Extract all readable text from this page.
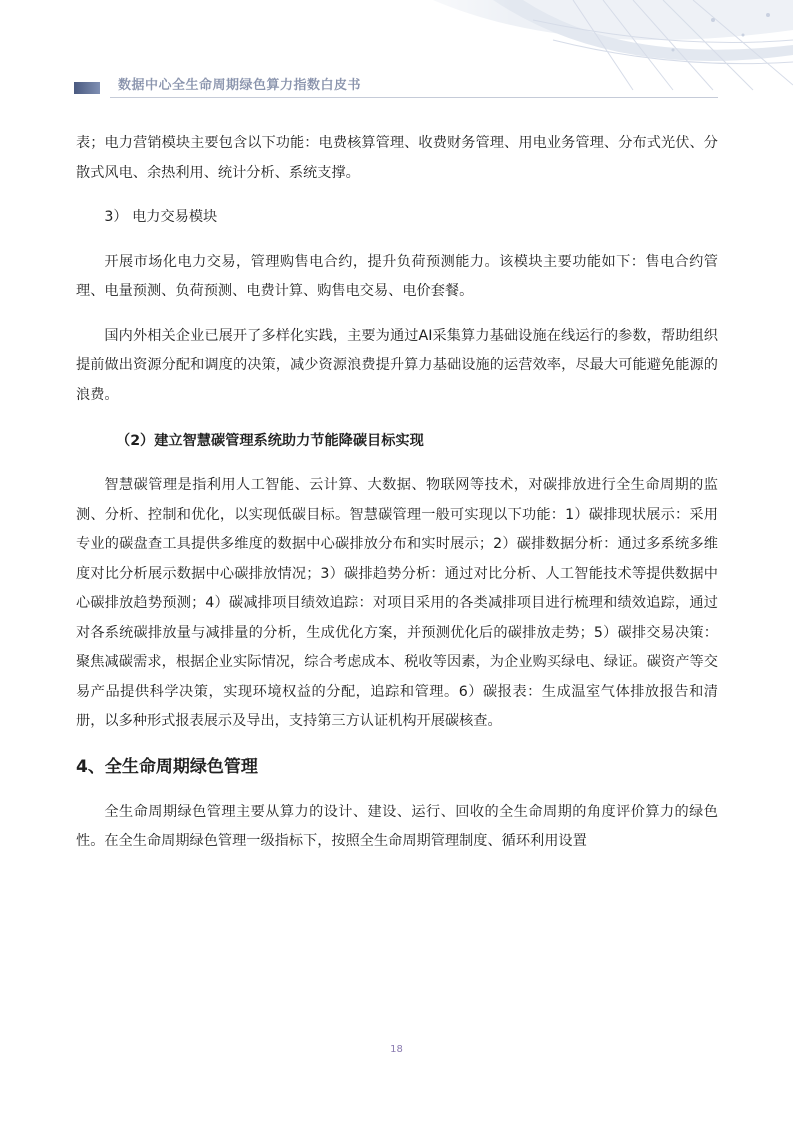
数据中心全生命周期绿色算力指数白皮书

表；电力营销模块主要包含以下功能：电费核算管理、收费财务管理、用电业务管理、分布式光伏、分散式风电、余热利用、统计分析、系统支撑。

3） 电力交易模块

开展市场化电力交易，管理购售电合约，提升负荷预测能力。该模块主要功能如下：售电合约管理、电量预测、负荷预测、电费计算、购售电交易、电价套餐。

国内外相关企业已展开了多样化实践，主要为通过AI采集算力基础设施在线运行的参数，帮助组织提前做出资源分配和调度的决策，减少资源浪费提升算力基础设施的运营效率，尽最大可能避免能源的浪费。

（2）建立智慧碳管理系统助力节能降碳目标实现

智慧碳管理是指利用人工智能、云计算、大数据、物联网等技术，对碳排放进行全生命周期的监测、分析、控制和优化，以实现低碳目标。智慧碳管理一般可实现以下功能：1）碳排现状展示：采用专业的碳盘查工具提供多维度的数据中心碳排放分布和实时展示；2）碳排数据分析：通过多系统多维度对比分析展示数据中心碳排放情况；3）碳排趋势分析：通过对比分析、人工智能技术等提供数据中心碳排放趋势预测；4）碳减排项目绩效追踪：对项目采用的各类减排项目进行梳理和绩效追踪，通过对各系统碳排放量与减排量的分析，生成优化方案，并预测优化后的碳排放走势；5）碳排交易决策：聚焦减碳需求，根据企业实际情况，综合考虑成本、税收等因素，为企业购买绿电、绿证。碳资产等交易产品提供科学决策，实现环境权益的分配，追踪和管理。6）碳报表：生成温室气体排放报告和清册，以多种形式报表展示及导出，支持第三方认证机构开展碳核查。

4、全生命周期绿色管理

全生命周期绿色管理主要从算力的设计、建设、运行、回收的全生命周期的角度评价算力的绿色性。在全生命周期绿色管理一级指标下，按照全生命周期管理制度、循环利用设置

18
